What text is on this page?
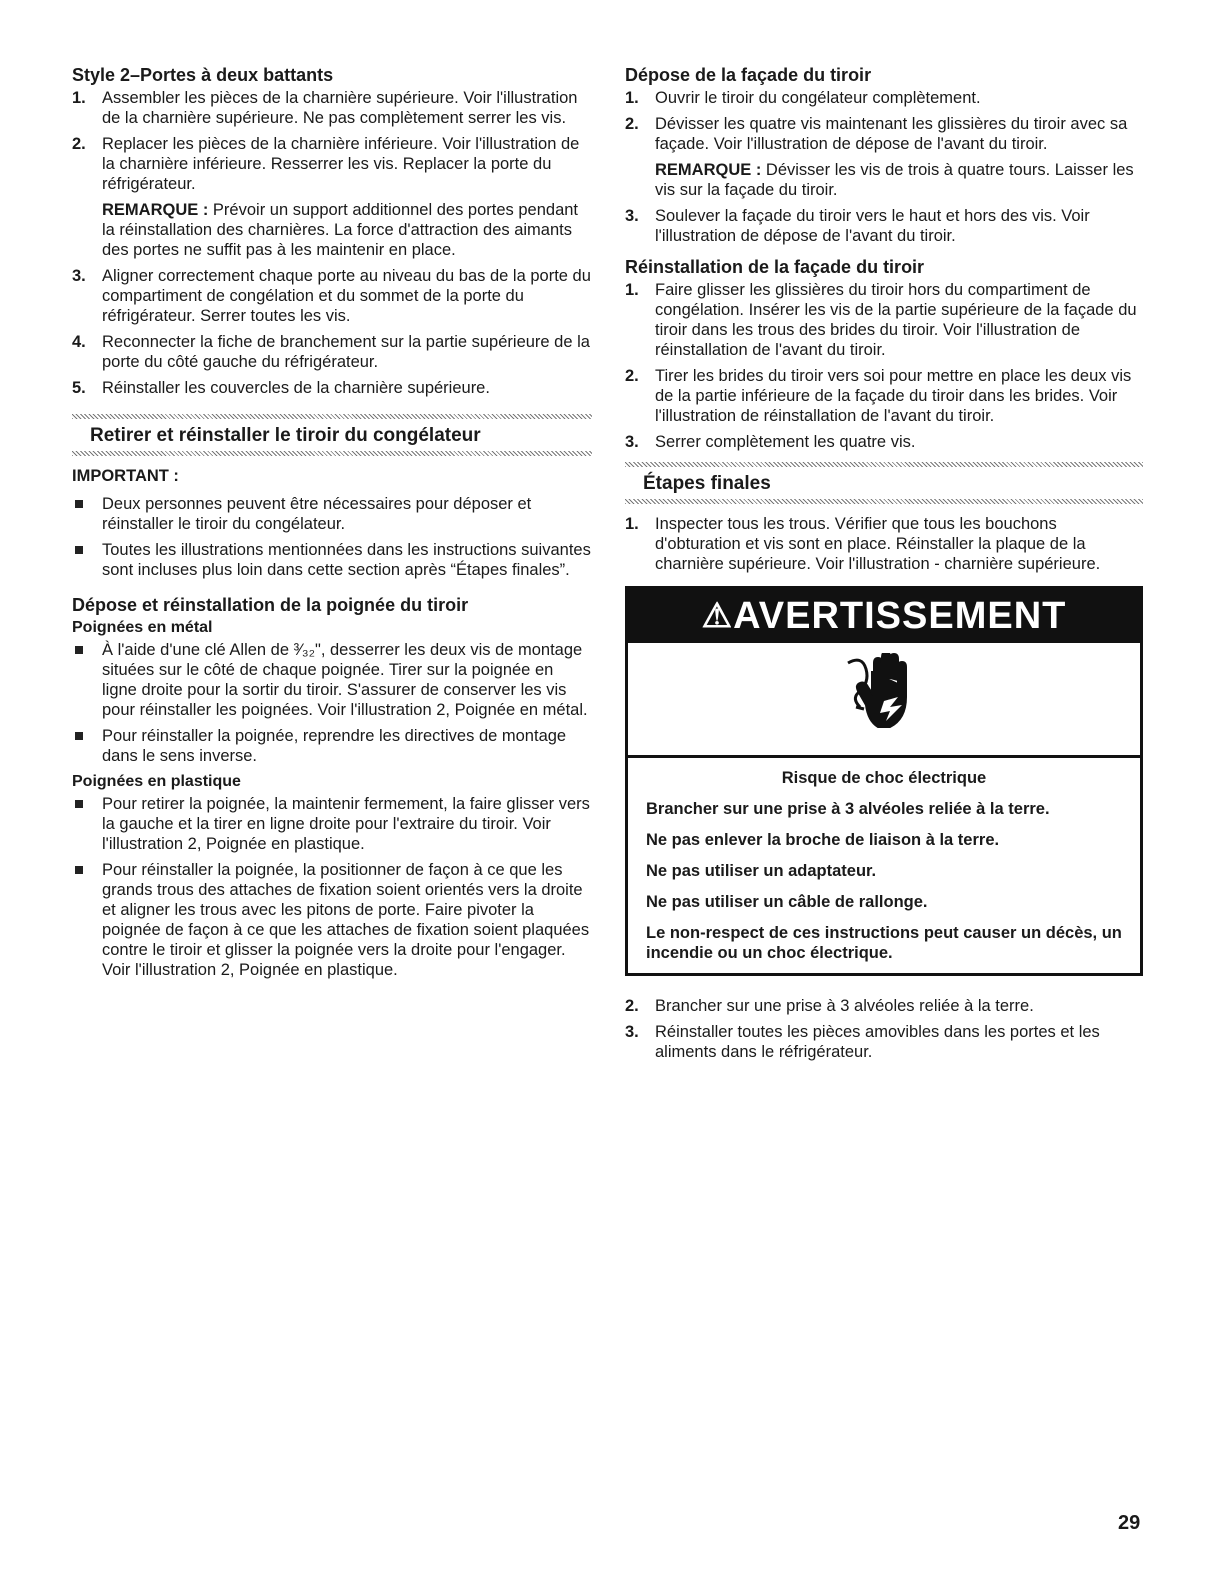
Style 2–Portes à deux battants
1. Assembler les pièces de la charnière supérieure. Voir l'illustration de la charnière supérieure. Ne pas complètement serrer les vis.
2. Replacer les pièces de la charnière inférieure. Voir l'illustration de la charnière inférieure. Resserrer les vis. Replacer la porte du réfrigérateur.
REMARQUE : Prévoir un support additionnel des portes pendant la réinstallation des charnières. La force d'attraction des aimants des portes ne suffit pas à les maintenir en place.
3. Aligner correctement chaque porte au niveau du bas de la porte du compartiment de congélation et du sommet de la porte du réfrigérateur. Serrer toutes les vis.
4. Reconnecter la fiche de branchement sur la partie supérieure de la porte du côté gauche du réfrigérateur.
5. Réinstaller les couvercles de la charnière supérieure.
Retirer et réinstaller le tiroir du congélateur
IMPORTANT :
Deux personnes peuvent être nécessaires pour déposer et réinstaller le tiroir du congélateur.
Toutes les illustrations mentionnées dans les instructions suivantes sont incluses plus loin dans cette section après “Étapes finales”.
Dépose et réinstallation de la poignée du tiroir
Poignées en métal
À l'aide d'une clé Allen de ³⁄₃₂", desserrer les deux vis de montage situées sur le côté de chaque poignée. Tirer sur la poignée en ligne droite pour la sortir du tiroir. S'assurer de conserver les vis pour réinstaller les poignées. Voir l'illustration 2, Poignée en métal.
Pour réinstaller la poignée, reprendre les directives de montage dans le sens inverse.
Poignées en plastique
Pour retirer la poignée, la maintenir fermement, la faire glisser vers la gauche et la tirer en ligne droite pour l'extraire du tiroir. Voir l'illustration 2, Poignée en plastique.
Pour réinstaller la poignée, la positionner de façon à ce que les grands trous des attaches de fixation soient orientés vers la droite et aligner les trous avec les pitons de porte. Faire pivoter la poignée de façon à ce que les attaches de fixation soient plaquées contre le tiroir et glisser la poignée vers la droite pour l'engager. Voir l'illustration 2, Poignée en plastique.
Dépose de la façade du tiroir
1. Ouvrir le tiroir du congélateur complètement.
2. Dévisser les quatre vis maintenant les glissières du tiroir avec sa façade. Voir l'illustration de dépose de l'avant du tiroir.
REMARQUE : Dévisser les vis de trois à quatre tours. Laisser les vis sur la façade du tiroir.
3. Soulever la façade du tiroir vers le haut et hors des vis. Voir l'illustration de dépose de l'avant du tiroir.
Réinstallation de la façade du tiroir
1. Faire glisser les glissières du tiroir hors du compartiment de congélation. Insérer les vis de la partie supérieure de la façade du tiroir dans les trous des brides du tiroir. Voir l'illustration de réinstallation de l'avant du tiroir.
2. Tirer les brides du tiroir vers soi pour mettre en place les deux vis de la partie inférieure de la façade du tiroir dans les brides. Voir l'illustration de réinstallation de l'avant du tiroir.
3. Serrer complètement les quatre vis.
Étapes finales
1. Inspecter tous les trous. Vérifier que tous les bouchons d'obturation et vis sont en place. Réinstaller la plaque de la charnière supérieure. Voir l'illustration - charnière supérieure.
⚠AVERTISSEMENT
Risque de choc électrique
Brancher sur une prise à 3 alvéoles reliée à la terre.
Ne pas enlever la broche de liaison à la terre.
Ne pas utiliser un adaptateur.
Ne pas utiliser un câble de rallonge.
Le non-respect de ces instructions peut causer un décès, un incendie ou un choc électrique.
2. Brancher sur une prise à 3 alvéoles reliée à la terre.
3. Réinstaller toutes les pièces amovibles dans les portes et les aliments dans le réfrigérateur.
29
